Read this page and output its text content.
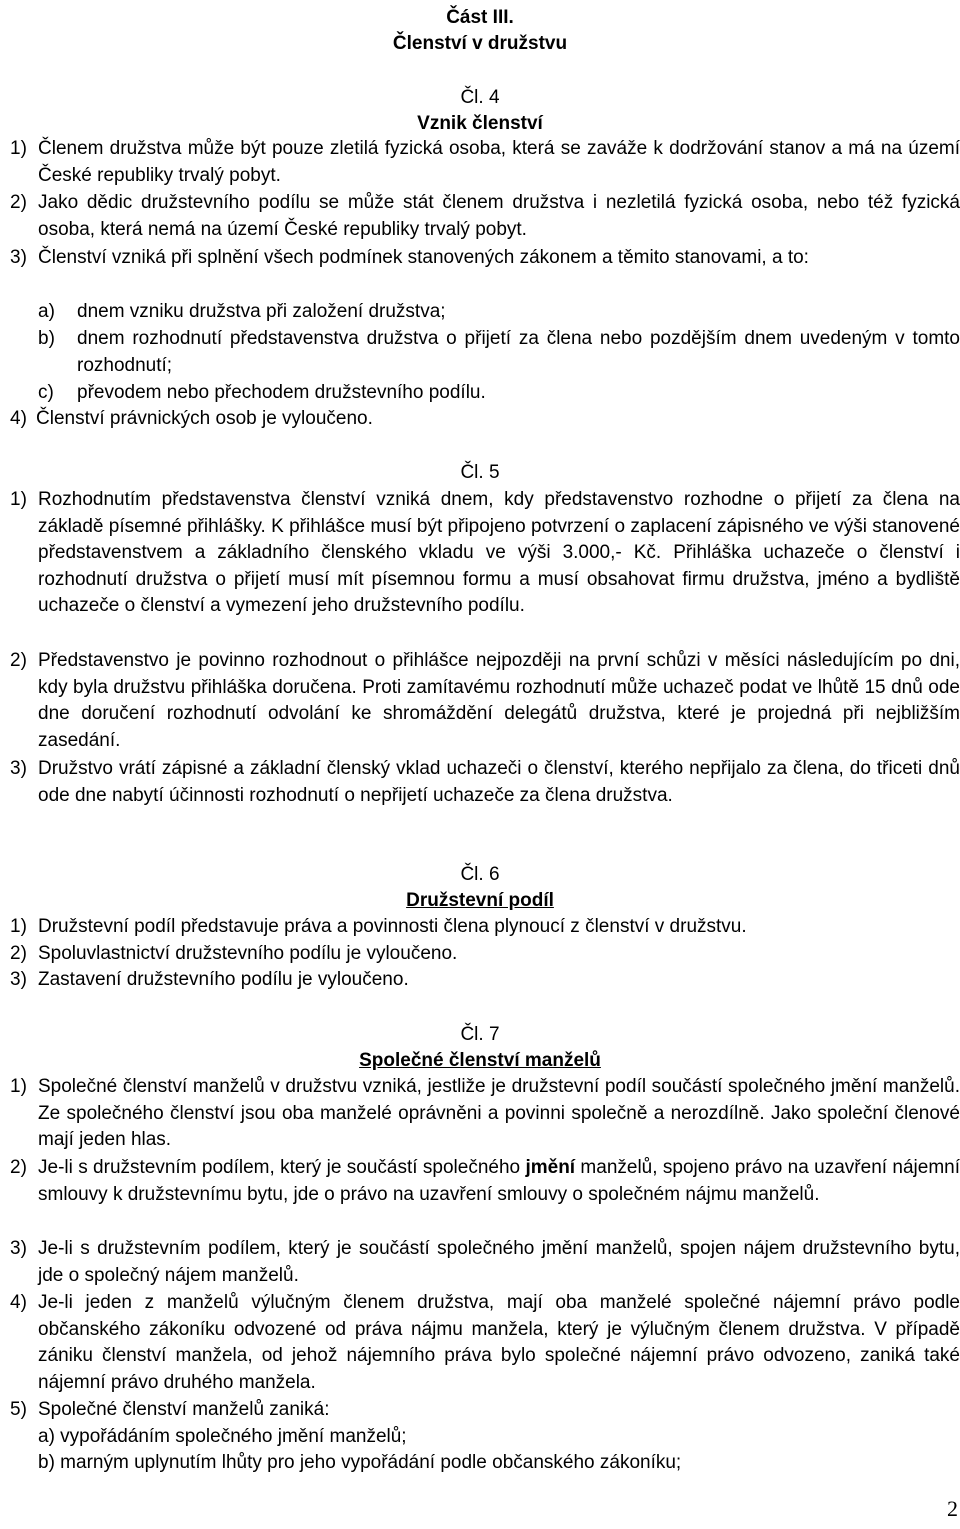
Část III.
Členství v družstvu
Čl. 4
Vznik členství
1) Členem družstva může být pouze zletilá fyzická osoba, která se zaváže k dodržování stanov a má na území České republiky trvalý pobyt.
2) Jako dědic družstevního podílu se může stát členem družstva i nezletilá fyzická osoba, nebo též fyzická osoba, která nemá na území České republiky trvalý pobyt.
3) Členství vzniká při splnění všech podmínek stanovených zákonem a těmito stanovami, a to:
a) dnem vzniku družstva při založení družstva;
b) dnem rozhodnutí představenstva družstva o přijetí za člena nebo pozdějším dnem uvedeným v tomto rozhodnutí;
c) převodem nebo přechodem družstevního podílu.
4) Členství právnických osob je vyloučeno.
Čl. 5
1) Rozhodnutím představenstva členství vzniká dnem, kdy představenstvo rozhodne o přijetí za člena na základě písemné přihlášky. K přihlášce musí být připojeno potvrzení o zaplacení zápisného ve výši stanovené představenstvem a základního členského vkladu ve výši 3.000,- Kč. Přihláška uchazeče o členství i rozhodnutí družstva o přijetí musí mít písemnou formu a musí obsahovat firmu družstva, jméno a bydliště uchazeče o členství a vymezení jeho družstevního podílu.
2) Představenstvo je povinno rozhodnout o přihlášce nejpozději na první schůzi v měsíci následujícím po dni, kdy byla družstvu přihláška doručena. Proti zamítavému rozhodnutí může uchazeč podat ve lhůtě 15 dnů ode dne doručení rozhodnutí odvolání ke shromáždění delegátů družstva, které je projedná při nejbližším zasedání.
3) Družstvo vrátí zápisné a základní členský vklad uchazeči o členství, kterého nepřijalo za člena, do třiceti dnů ode dne nabytí účinnosti rozhodnutí o nepřijetí uchazeče za člena družstva.
Čl. 6
Družstevní podíl
1) Družstevní podíl představuje práva a povinnosti člena plynoucí z členství v družstvu.
2) Spoluvlastnictví družstevního podílu je vyloučeno.
3) Zastavení družstevního podílu je vyloučeno.
Čl. 7
Společné členství manželů
1) Společné členství manželů v družstvu vzniká, jestliže je družstevní podíl součástí společného jmění manželů. Ze společného členství jsou oba manželé oprávněni a povinni společně a nerozdílně. Jako společní členové mají jeden hlas.
2) Je-li s družstevním podílem, který je součástí společného jmění manželů, spojeno právo na uzavření nájemní smlouvy k družstevnímu bytu, jde o právo na uzavření smlouvy o společném nájmu manželů.
3) Je-li s družstevním podílem, který je součástí společného jmění manželů, spojen nájem družstevního bytu, jde o společný nájem manželů.
4) Je-li jeden z manželů výlučným členem družstva, mají oba manželé společné nájemní právo podle občanského zákoníku odvozené od práva nájmu manžela, který je výlučným členem družstva. V případě zániku členství manžela, od jehož nájemního práva bylo společné nájemní právo odvozeno, zaniká také nájemní právo druhého manžela.
5) Společné členství manželů zaniká:
a) vypořádáním společného jmění manželů;
b) marným uplynutím lhůty pro jeho vypořádání podle občanského zákoníku;
2
